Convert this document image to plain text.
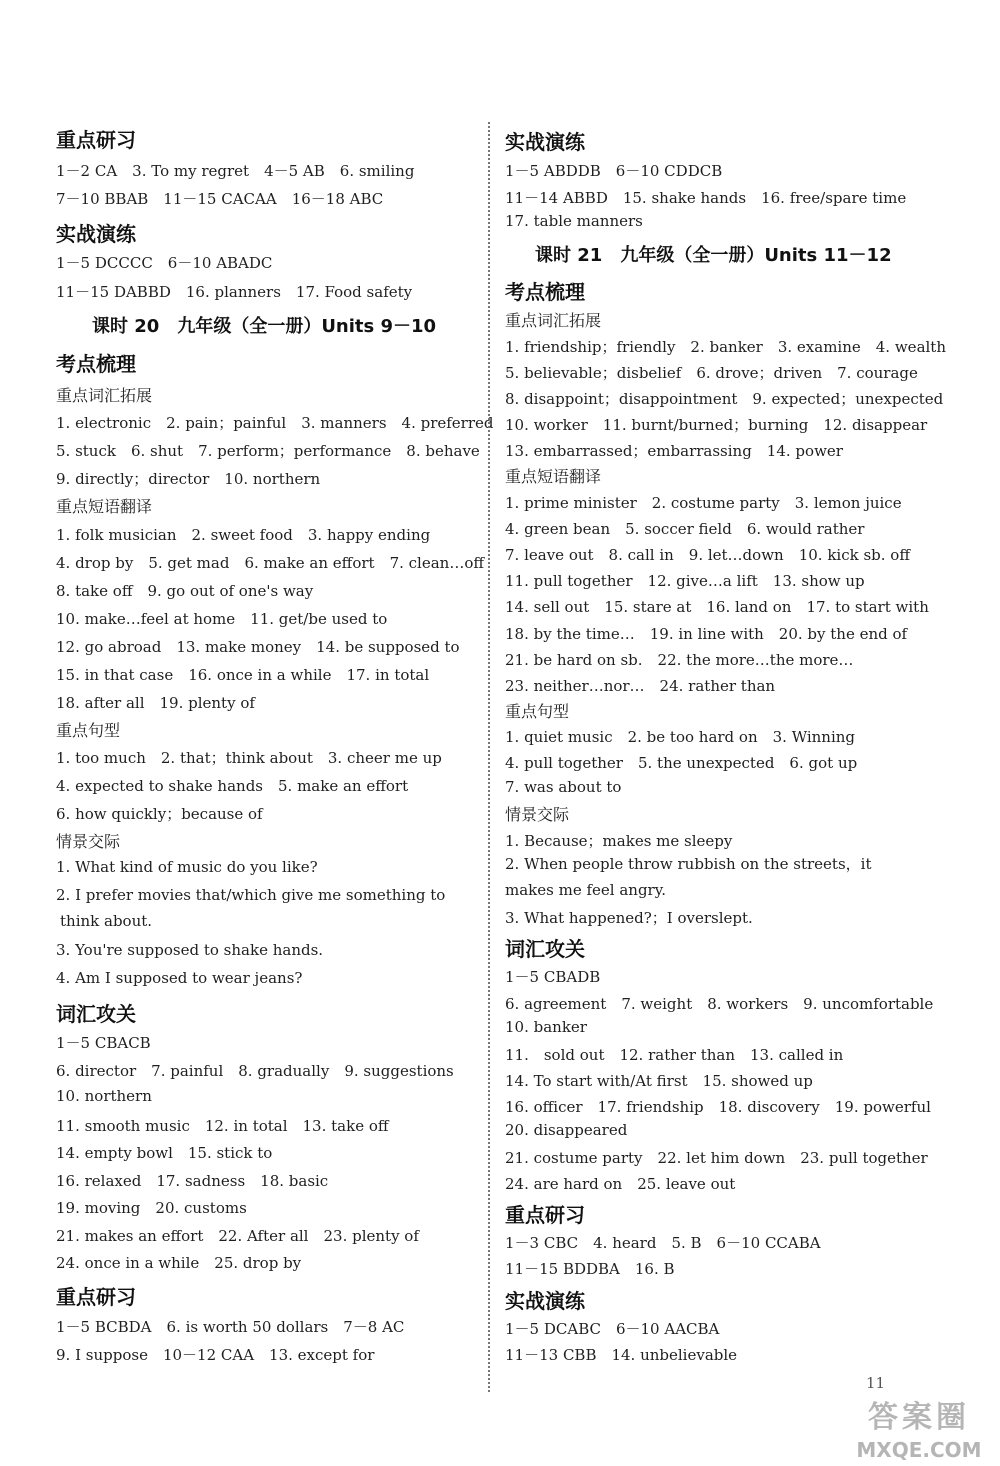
重点研习
1－2 CA　3. To my regret　4－5 AB　6. smiling
7－10 BBAB　11－15 CACAA　16－18 ABC
实战演练
1－5 DCCCC　6－10 ABADC
11－15 DABBD　16. planners　17. Food safety
课时 20　九年级（全一册）Units 9－10
考点梳理
重点词汇拓展
1. electronic　2. pain；painful　3. manners　4. preferred
5. stuck　6. shut　7. perform；performance　8. behave
9. directly；director　10. northern
重点短语翻译
1. folk musician　2. sweet food　3. happy ending
4. drop by　5. get mad　6. make an effort　7. clean…off
8. take off　9. go out of one's way
10. make…feel at home　11. get/be used to
12. go abroad　13. make money　14. be supposed to
15. in that case　16. once in a while　17. in total
18. after all　19. plenty of
重点句型
1. too much　2. that；think about　3. cheer me up
4. expected to shake hands　5. make an effort
6. how quickly；because of
情景交际
1. What kind of music do you like?
2. I prefer movies that/which give me something to think about.
3. You're supposed to shake hands.
4. Am I supposed to wear jeans?
词汇攻关
1－5 CBACB
6. director　7. painful　8. gradually　9. suggestions
10. northern
11. smooth music　12. in total　13. take off
14. empty bowl　15. stick to
16. relaxed　17. sadness　18. basic
19. moving　20. customs
21. makes an effort　22. After all　23. plenty of
24. once in a while　25. drop by
重点研习
1－5 BCBDA　6. is worth 50 dollars　7－8 AC
9. I suppose　10－12 CAA　13. except for
实战演练
1－5 ABDDB　6－10 CDDCB
11－14 ABBD　15. shake hands　16. free/spare time
17. table manners
课时 21　九年级（全一册）Units 11－12
考点梳理
重点词汇拓展
1. friendship；friendly　2. banker　3. examine　4. wealth
5. believable；disbelief　6. drove；driven　7. courage
8. disappoint；disappointment　9. expected；unexpected
10. worker　11. burnt/burned；burning　12. disappear
13. embarrassed；embarrassing　14. power
重点短语翻译
1. prime minister　2. costume party　3. lemon juice
4. green bean　5. soccer field　6. would rather
7. leave out　8. call in　9. let…down　10. kick sb. off
11. pull together　12. give…a lift　13. show up
14. sell out　15. stare at　16. land on　17. to start with
18. by the time…　19. in line with　20. by the end of
21. be hard on sb.　22. the more…the more…
23. neither…nor…　24. rather than
重点句型
1. quiet music　2. be too hard on　3. Winning
4. pull together　5. the unexpected　6. got up
7. was about to
情景交际
1. Because；makes me sleepy
2. When people throw rubbish on the streets，it makes me feel angry.
3. What happened?；I overslept.
词汇攻关
1－5 CBADB
6. agreement　7. weight　8. workers　9. uncomfortable
10. banker
11.　sold out　12. rather than　13. called in
14. To start with/At first　15. showed up
16. officer　17. friendship　18. discovery　19. powerful
20. disappeared
21. costume party　22. let him down　23. pull together
24. are hard on　25. leave out
重点研习
1－3 CBC　4. heard　5. B　6－10 CCABA
11－15 BDDBA　16. B
实战演练
1－5 DCABC　6－10 AACBA
11－13 CBB　14. unbelievable
11
答案圈
MXQE.COM
